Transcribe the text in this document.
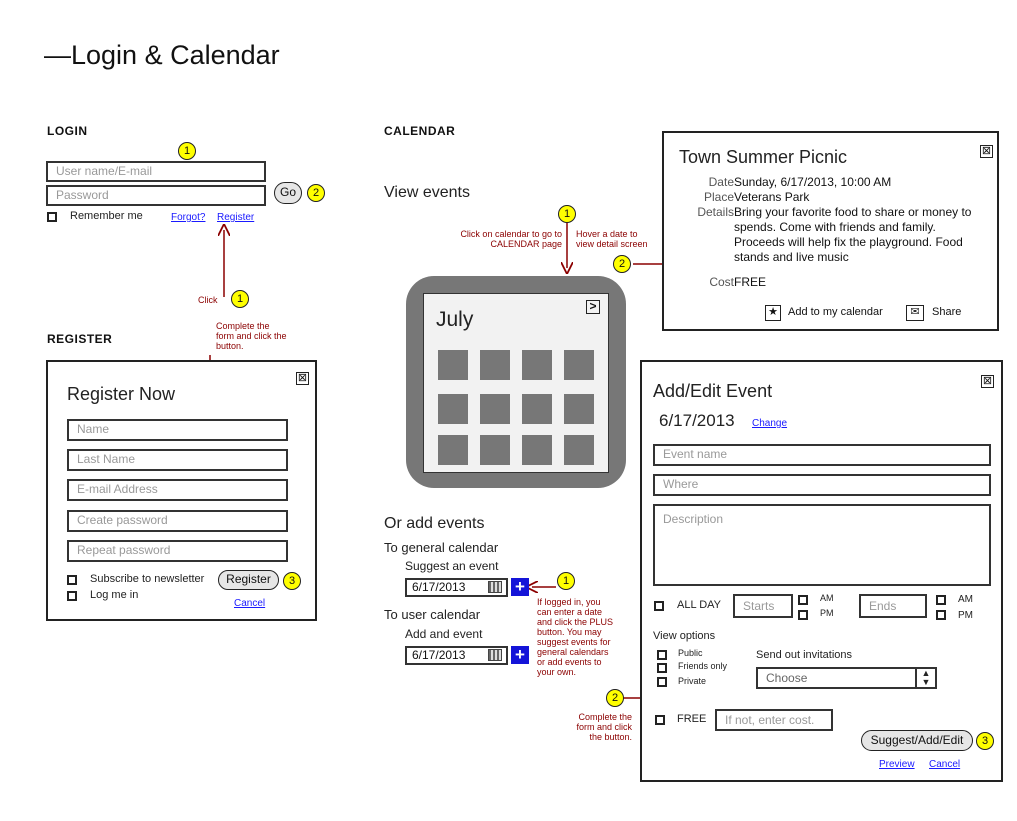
—Login & Calendar
LOGIN
1
User name/E-mail
Password	Go	2
Remember me	Forgot? Register
Click	1
Complete the form and click the button.
REGISTER
Register Now
⊠
Name
Last Name
E-mail Address
Create password
Repeat password
Subscribe to newsletter
Log me in
Register	3
Cancel
CALENDAR
View events
Click on calendar to go to CALENDAR page
1
Hover a date to view detail screen
2
July
>
Or add events
To general calendar
Suggest an event
6/17/2013	+	1
If logged in, you can enter a date and click the PLUS button. You may suggest events for general calendars or add events to your own.
To user calendar
Add and event
6/17/2013	+
2
Complete the form and click the button.
Town Summer Picnic	⊠
Date Sunday, 6/17/2013, 10:00 AM
Place Veterans Park
Details Bring your favorite food to share or money to spends. Come with friends and family. Proceeds will help fix the playground. Food stands and live music
Cost FREE
★ Add to my calendar	✉	Share
Add/Edit Event	⊠
6/17/2013 Change
Event name
Where
Description
ALL DAY	Starts
AM
PM	Ends	AM
PM
View options
Public
Friends only
Private
Send out invitations
Choose	▲
▼
FREE	If not, enter cost.
Suggest/Add/Edit	3
Preview Cancel
